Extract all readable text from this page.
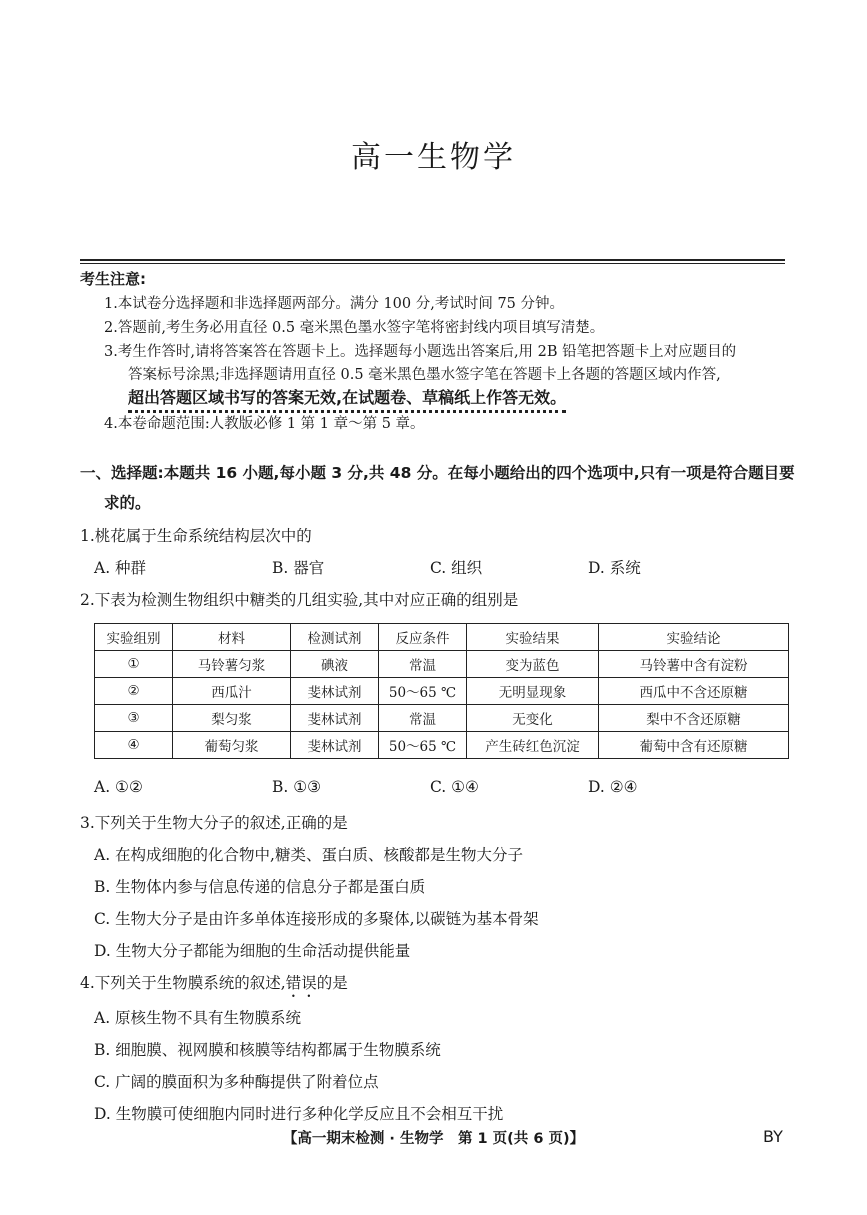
高一生物学
考生注意:
1.本试卷分选择题和非选择题两部分。满分 100 分,考试时间 75 分钟。
2.答题前,考生务必用直径 0.5 毫米黑色墨水签字笔将密封线内项目填写清楚。
3.考生作答时,请将答案答在答题卡上。选择题每小题选出答案后,用 2B 铅笔把答题卡上对应题目的
答案标号涂黑;非选择题请用直径 0.5 毫米黑色墨水签字笔在答题卡上各题的答题区域内作答,
超出答题区域书写的答案无效,在试题卷、草稿纸上作答无效。
4.本卷命题范围:人教版必修 1 第 1 章～第 5 章。
一、选择题:本题共 16 小题,每小题 3 分,共 48 分。在每小题给出的四个选项中,只有一项是符合题目要
求的。
1.桃花属于生命系统结构层次中的
A. 种群	B. 器官	C. 组织	D. 系统
2.下表为检测生物组织中糖类的几组实验,其中对应正确的组别是
实验组别	材料	检测试剂	反应条件	实验结果	实验结论
①	马铃薯匀浆	碘液	常温	变为蓝色	马铃薯中含有淀粉
②	西瓜汁	斐林试剂	50～65 ℃	无明显现象	西瓜中不含还原糖
③	梨匀浆	斐林试剂	常温	无变化	梨中不含还原糖
④	葡萄匀浆	斐林试剂	50～65 ℃	产生砖红色沉淀	葡萄中含有还原糖
A. ①②	B. ①③	C. ①④	D. ②④
3.下列关于生物大分子的叙述,正确的是
A. 在构成细胞的化合物中,糖类、蛋白质、核酸都是生物大分子
B. 生物体内参与信息传递的信息分子都是蛋白质
C. 生物大分子是由许多单体连接形成的多聚体,以碳链为基本骨架
D. 生物大分子都能为细胞的生命活动提供能量
4.下列关于生物膜系统的叙述,错误的是
A. 原核生物不具有生物膜系统
B. 细胞膜、视网膜和核膜等结构都属于生物膜系统
C. 广阔的膜面积为多种酶提供了附着位点
D. 生物膜可使细胞内同时进行多种化学反应且不会相互干扰
【高一期末检测 · 生物学　第 1 页(共 6 页)】	BY
